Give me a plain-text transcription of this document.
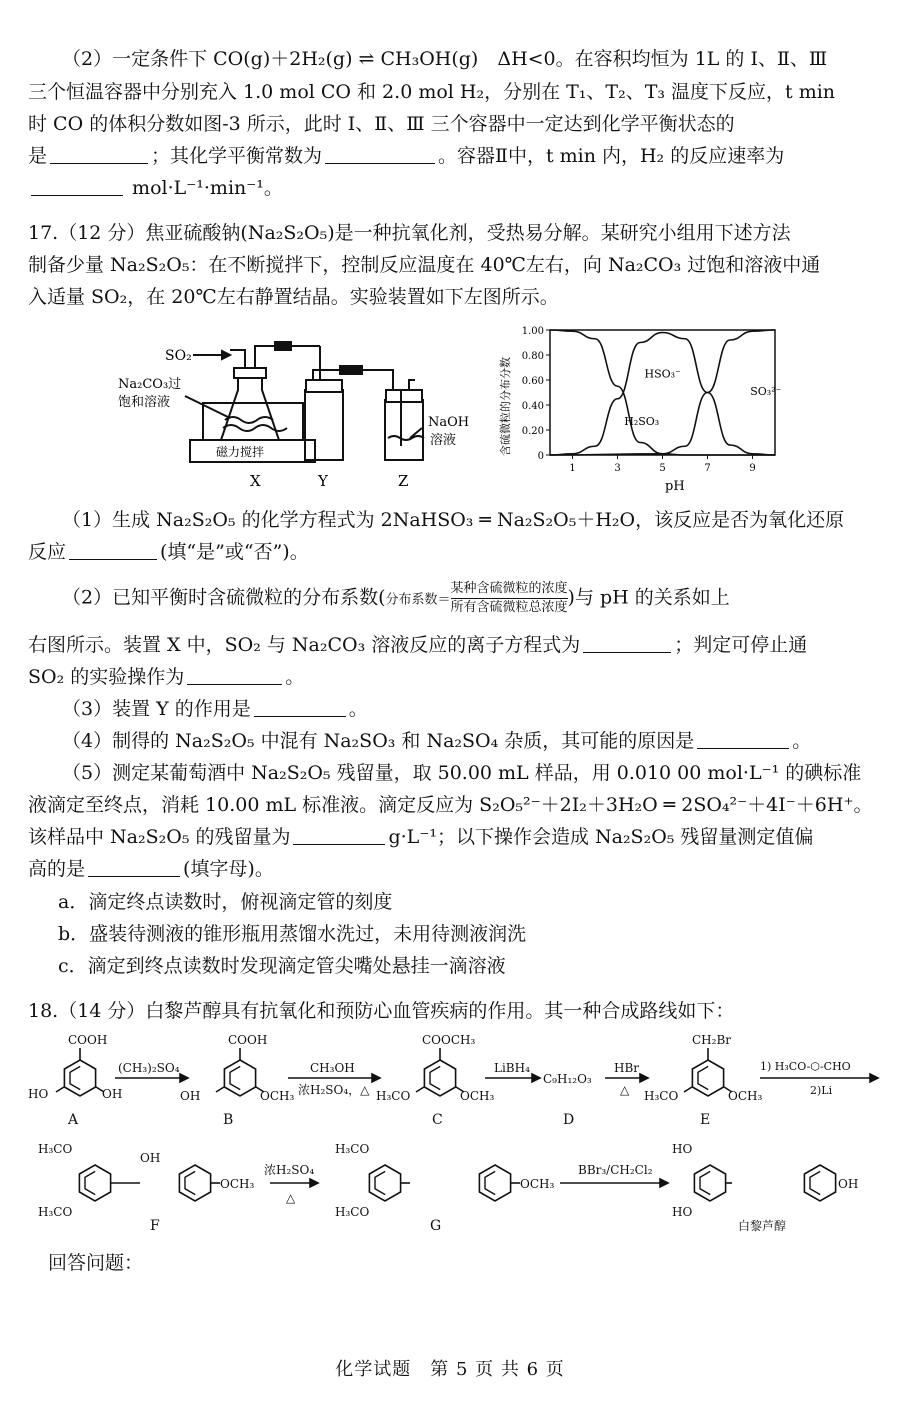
（2）一定条件下 CO(g)＋2H₂(g) ⇌ CH₃OH(g)　ΔH<0。在容积均恒为 1L 的 Ⅰ、Ⅱ、Ⅲ
三个恒温容器中分别充入 1.0 mol CO 和 2.0 mol H₂，分别在 T₁、T₂、T₃ 温度下反应，t min
时 CO 的体积分数如图-3 所示，此时 Ⅰ、Ⅱ、Ⅲ 三个容器中一定达到化学平衡状态的
是	；其化学平衡常数为	。容器Ⅱ中，t min 内，H₂ 的反应速率为
mol·L⁻¹·min⁻¹。
17.（12 分）焦亚硫酸钠(Na₂S₂O₅)是一种抗氧化剂，受热易分解。某研究小组用下述方法
制备少量 Na₂S₂O₅：在不断搅拌下，控制反应温度在 40℃左右，向 Na₂CO₃ 过饱和溶液中通
入适量 SO₂，在 20℃左右静置结晶。实验装置如下左图所示。
SO₂
Na₂CO₃过
饱和溶液
磁力搅拌
NaOH
溶液
X	Y	Z
0
0.20
0.40
0.60
0.80
1.00
1	3	5	7	9
HSO₃⁻
H₂SO₃
SO₃²⁻
含硫微粒的分布分数
pH
（1）生成 Na₂S₂O₅ 的化学方程式为 2NaHSO₃ ═ Na₂S₂O₅＋H₂O，该反应是否为氧化还原
反应	(填“是”或“否”)。
（2）已知平衡时含硫微粒的分布系数(分布系数＝
某种含硫微粒的浓度
所有含硫微粒总浓度 )与 pH 的关系如上
右图所示。装置 X 中，SO₂ 与 Na₂CO₃ 溶液反应的离子方程式为	；判定可停止通
SO₂ 的实验操作为	。
（3）装置 Y 的作用是	。
（4）制得的 Na₂S₂O₅ 中混有 Na₂SO₃ 和 Na₂SO₄ 杂质，其可能的原因是	。
（5）测定某葡萄酒中 Na₂S₂O₅ 残留量，取 50.00 mL 样品，用 0.010 00 mol·L⁻¹ 的碘标准
液滴定至终点，消耗 10.00 mL 标准液。滴定反应为 S₂O₅²⁻＋2I₂＋3H₂O ═ 2SO₄²⁻＋4I⁻＋6H⁺。
该样品中 Na₂S₂O₅ 的残留量为	g·L⁻¹；以下操作会造成 Na₂S₂O₅ 残留量测定值偏
高的是	(填字母)。
a．滴定终点读数时，俯视滴定管的刻度
b．盛装待测液的锥形瓶用蒸馏水洗过，未用待测液润洗
c．滴定到终点读数时发现滴定管尖嘴处悬挂一滴溶液
18.（14 分）白黎芦醇具有抗氧化和预防心血管疾病的作用。其一种合成路线如下：
COOH
HO	OH
A
(CH₃)₂SO₄
COOH
OH	OCH₃
B
CH₃OH
浓H₂SO₄，△
COOCH₃
H₃CO	OCH₃
C
LiBH₄
C₉H₁₂O₃
D
HBr
△
CH₂Br
H₃CO	OCH₃
E
1) H₃CO-⬡-CHO
2)Li
H₃CO
H₃CO
OH
OCH₃
F
浓H₂SO₄
△
H₃CO
H₃CO
OCH₃
G
BBr₃/CH₂Cl₂
HO
HO
OH
白黎芦醇
回答问题：
化学试题　第 5 页 共 6 页
